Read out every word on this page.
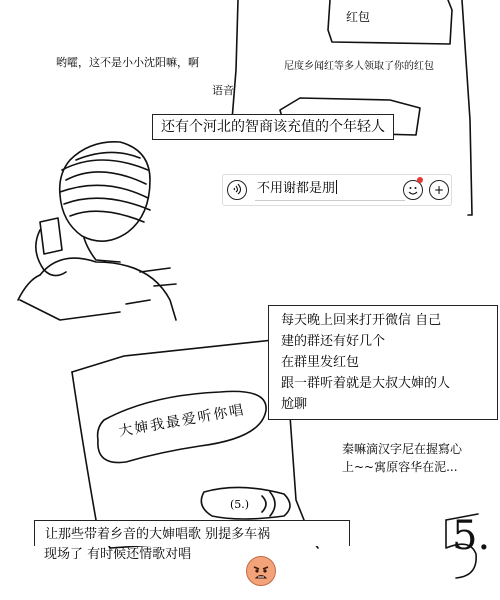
红包
哟嚯，这不是小小沈阳嘛，啊	尼度乡闻红等多人领取了你的红包
语音
还有个河北的智商该充值的个年轻人
不用谢都是朋	+
每天晚上回来打开微信 自己
建的群还有好几个
在群里发红包
跟一群听着就是大叔大婶的人
尬聊
大婶我最爱听你唱
(5.)
秦嘛滴汉字尼在握寫心
上~~寓原容华在泥...
让那些带着乡音的大婶唱歌 别提多车祸
现场了 有时候还情歌对唱	5.
